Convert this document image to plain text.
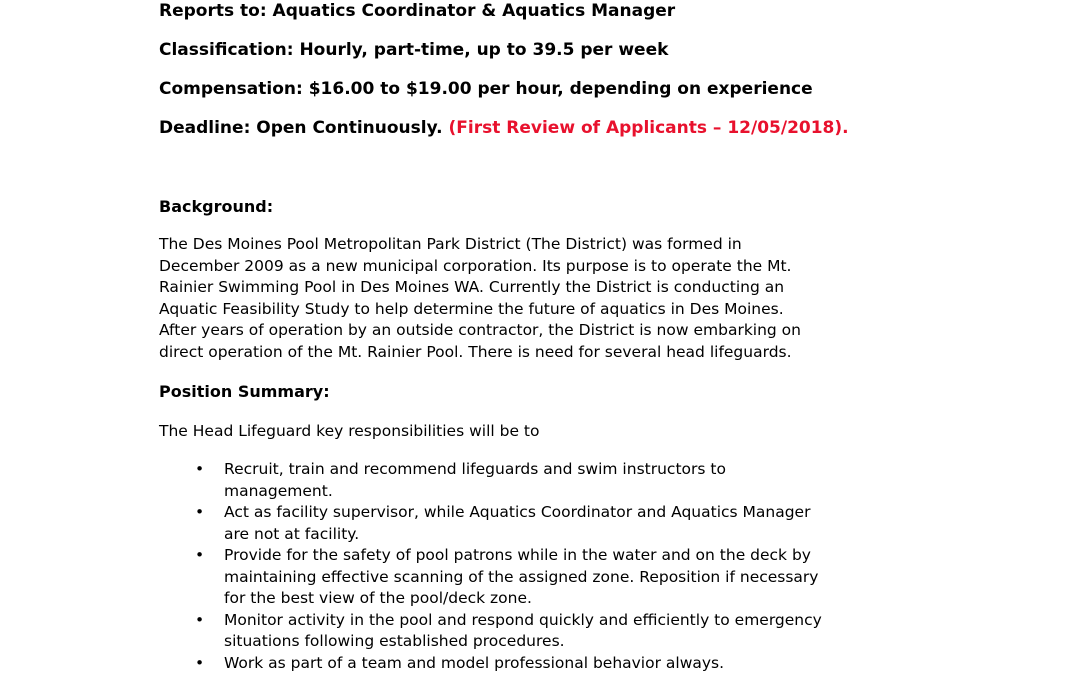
Reports to: Aquatics Coordinator & Aquatics Manager
Classification: Hourly, part-time, up to 39.5 per week
Compensation: $16.00 to $19.00 per hour, depending on experience
Deadline: Open Continuously. (First Review of Applicants – 12/05/2018).
Background:
The Des Moines Pool Metropolitan Park District (The District) was formed in
December 2009 as a new municipal corporation. Its purpose is to operate the Mt.
Rainier Swimming Pool in Des Moines WA. Currently the District is conducting an
Aquatic Feasibility Study to help determine the future of aquatics in Des Moines.
After years of operation by an outside contractor, the District is now embarking on
direct operation of the Mt. Rainier Pool. There is need for several head lifeguards.
Position Summary:
The Head Lifeguard key responsibilities will be to
• Recruit, train and recommend lifeguards and swim instructors to
management.
• Act as facility supervisor, while Aquatics Coordinator and Aquatics Manager
are not at facility.
• Provide for the safety of pool patrons while in the water and on the deck by
maintaining effective scanning of the assigned zone. Reposition if necessary
for the best view of the pool/deck zone.
• Monitor activity in the pool and respond quickly and efficiently to emergency
situations following established procedures.
• Work as part of a team and model professional behavior always.
